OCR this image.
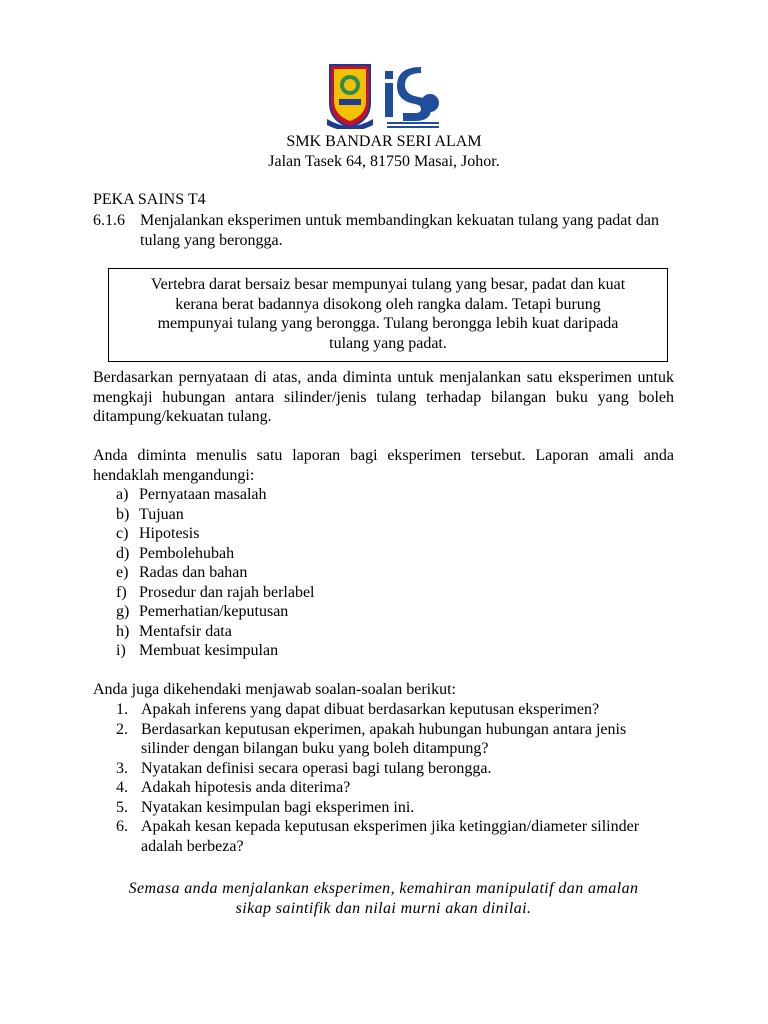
SMK BANDAR SERI ALAM
Jalan Tasek 64, 81750 Masai, Johor.
PEKA SAINS T4
6.1.6 Menjalankan eksperimen untuk membandingkan kekuatan tulang yang padat dan tulang yang berongga.
Vertebra darat bersaiz besar mempunyai tulang yang besar, padat dan kuat
kerana berat badannya disokong oleh rangka dalam. Tetapi burung
mempunyai tulang yang berongga. Tulang berongga lebih kuat daripada
tulang yang padat.
Berdasarkan pernyataan di atas, anda diminta untuk menjalankan satu eksperimen untuk mengkaji hubungan antara silinder/jenis tulang terhadap bilangan buku yang boleh ditampung/kekuatan tulang.
Anda diminta menulis satu laporan bagi eksperimen tersebut. Laporan amali anda hendaklah mengandungi:
a) Pernyataan masalah
b) Tujuan
c) Hipotesis
d) Pembolehubah
e) Radas dan bahan
f) Prosedur dan rajah berlabel
g) Pemerhatian/keputusan
h) Mentafsir data
i) Membuat kesimpulan
Anda juga dikehendaki menjawab soalan-soalan berikut:
1. Apakah inferens yang dapat dibuat berdasarkan keputusan eksperimen?
2. Berdasarkan keputusan ekperimen, apakah hubungan hubungan antara jenis silinder dengan bilangan buku yang boleh ditampung?
3. Nyatakan definisi secara operasi bagi tulang berongga.
4. Adakah hipotesis anda diterima?
5. Nyatakan kesimpulan bagi eksperimen ini.
6. Apakah kesan kepada keputusan eksperimen jika ketinggian/diameter silinder adalah berbeza?
Semasa anda menjalankan eksperimen, kemahiran manipulatif dan amalan
sikap saintifik dan nilai murni akan dinilai.
